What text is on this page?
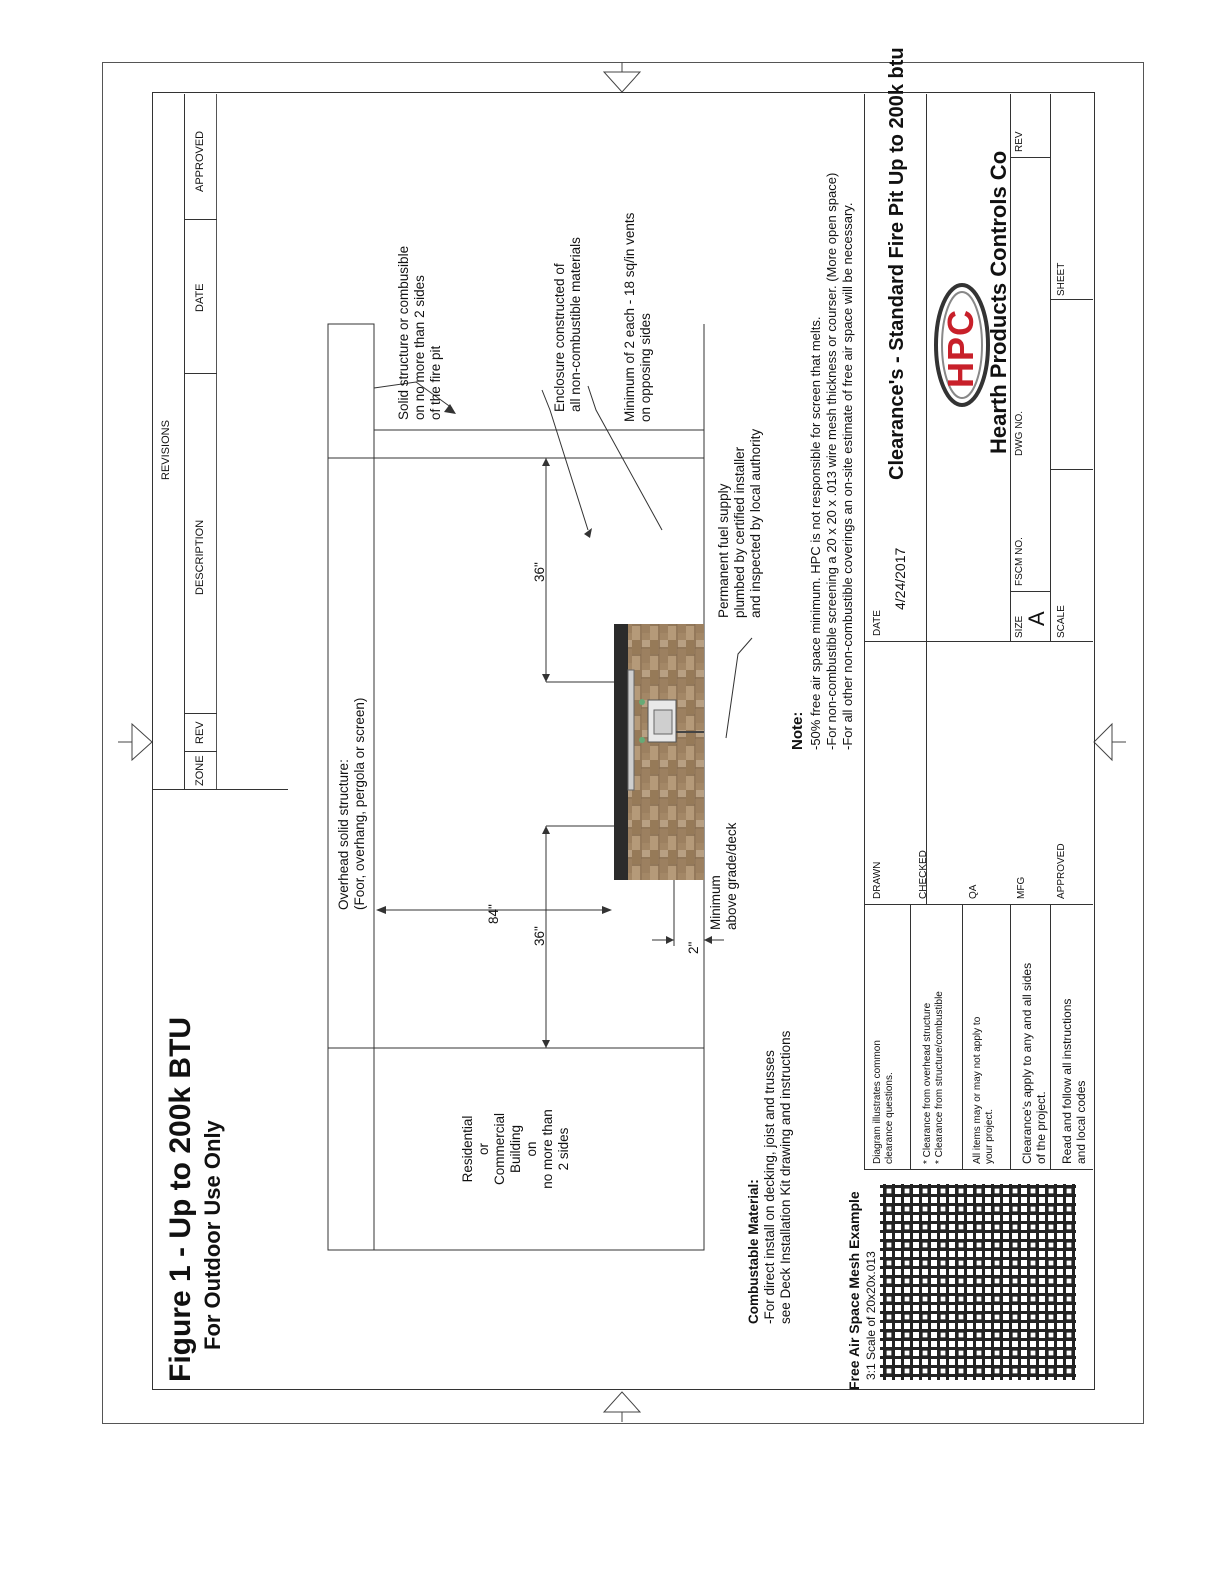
Figure 1 - Up to 200k BTU For Outdoor Use Only
REVISIONS
ZONE
REV
DESCRIPTION
DATE
APPROVED
Residential
or
Commercial
Building
on
no more than
2 sides
Overhead solid structure:
(Foor, overhang, pergola or screen)
Solid structure or combusible
on no more than 2 sides
of the fire pit	Enclosure constructed of
all non-combustible materials
Minimum of 2 each - 18 sq/in vents
on opposing sides
Permanent fuel supply
plumbed by certified installer
and inspected by local authority
Minimum
above grade/deck
84"
36"
36"
2"
Combustable Material: -For direct install on decking, joist and trusses see Deck Installation Kit drawing and instructions
Note: -50% free air space minimum. HPC is not responsible for screen that melts. -For non-combustible screening a 20 x 20 x .013 wire mesh thickness or courser. (More open space) -For all other non-combustible coverings an on-site estimate of free air space will be necessary.
Free Air Space Mesh Example 3:1 Scale of 20x20x.013
Diagram illustrates common
clearance questions.
* Clearance from overhead structure
* Clearance from structure/combustible
All items may or may not apply to
your project. Clearance's apply to any and all sides
of the project.
Read and follow all instructions
and local codes
DRAWN	CHECKED	QA	MFG	APPROVED
DATE
4/24/2017
Clearance's - Standard Fire Pit Up to 200k btu HPC Hearth Products Controls Co
SIZE A
FSCM NO.
DWG NO.
REV
SCALE
SHEET
